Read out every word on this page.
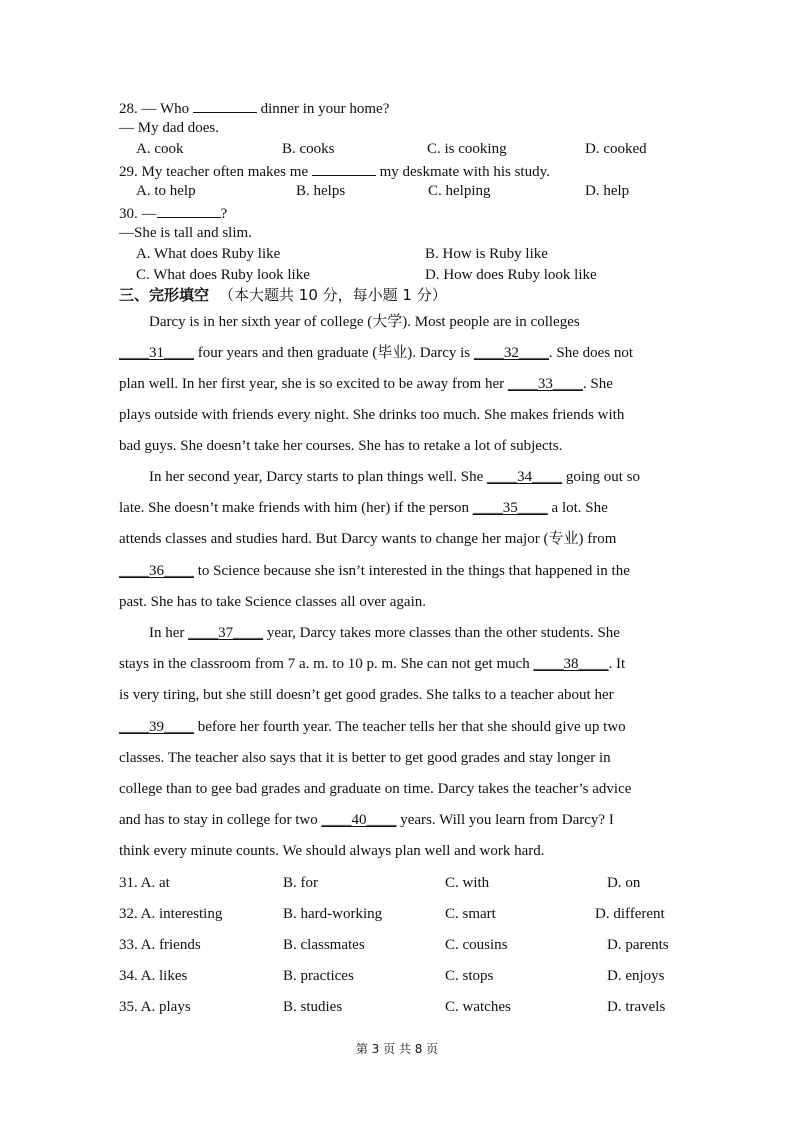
28. — Who	dinner in your home?
— My dad does.
A. cook	B. cooks	C. is cooking	D. cooked
29. My teacher often makes me	my deskmate with his study.
A. to help	B. helps	C. helping	D. help
30. —	?
—She is tall and slim.
A. What does Ruby like	B. How is Ruby like
C. What does Ruby look like	D. How does Ruby look like
三、完形填空 （本大题共 10 分，每小题 1 分）
Darcy is in her sixth year of college (大学). Most people are in colleges
____31____ four years and then graduate (毕业). Darcy is ____32____. She does not
plan well. In her first year, she is so excited to be away from her ____33____. She
plays outside with friends every night. She drinks too much. She makes friends with
bad guys. She doesn’t take her courses. She has to retake a lot of subjects.
In her second year, Darcy starts to plan things well. She ____34____ going out so
late. She doesn’t make friends with him (her) if the person ____35____ a lot. She
attends classes and studies hard. But Darcy wants to change her major (专业) from
____36____ to Science because she isn’t interested in the things that happened in the
past. She has to take Science classes all over again.
In her ____37____ year, Darcy takes more classes than the other students. She
stays in the classroom from 7 a. m. to 10 p. m. She can not get much ____38____. It
is very tiring, but she still doesn’t get good grades. She talks to a teacher about her
____39____ before her fourth year. The teacher tells her that she should give up two
classes. The teacher also says that it is better to get good grades and stay longer in
college than to gee bad grades and graduate on time. Darcy takes the teacher’s advice
and has to stay in college for two ____40____ years. Will you learn from Darcy? I
think every minute counts. We should always plan well and work hard.
31. A. at	B. for	C. with	D. on
32. A. interesting	B. hard-working	C. smart	D. different
33. A. friends	B. classmates	C. cousins	D. parents
34. A. likes	B. practices	C. stops	D. enjoys
35. A. plays	B. studies	C. watches	D. travels
第 3 页 共 8 页
